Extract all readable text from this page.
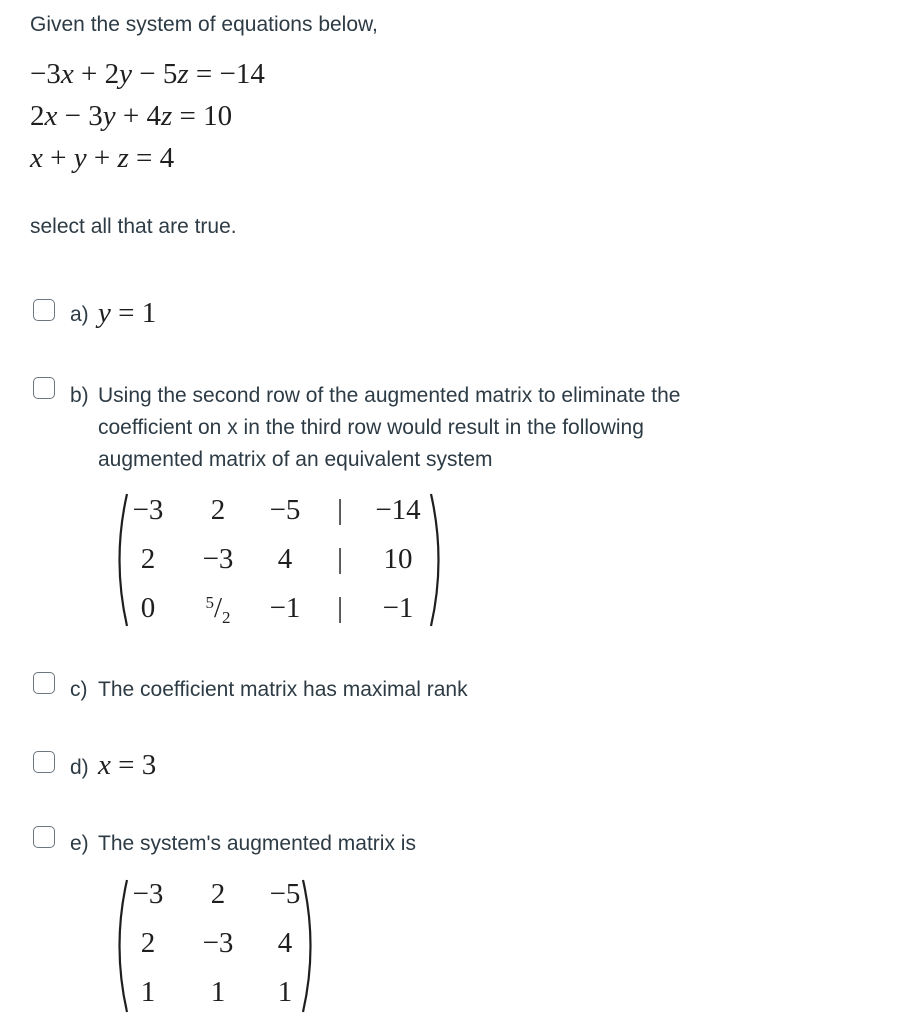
Given the system of equations below,
−3x + 2y − 5z = −14
2x − 3y + 4z = 10
x + y + z = 4
select all that are true.
a) y = 1
b) Using the second row of the augmented matrix to eliminate the
coefficient on x in the third row would result in the following
augmented matrix of an equivalent system
−3 2 −5 | −14
2 −3 4 | 10
0	$^5/_2 -1$ | −1
c) The coefficient matrix has maximal rank
d) x = 3
e) The system's augmented matrix is
−3 2 −5
2 −3 4
1 1 1
